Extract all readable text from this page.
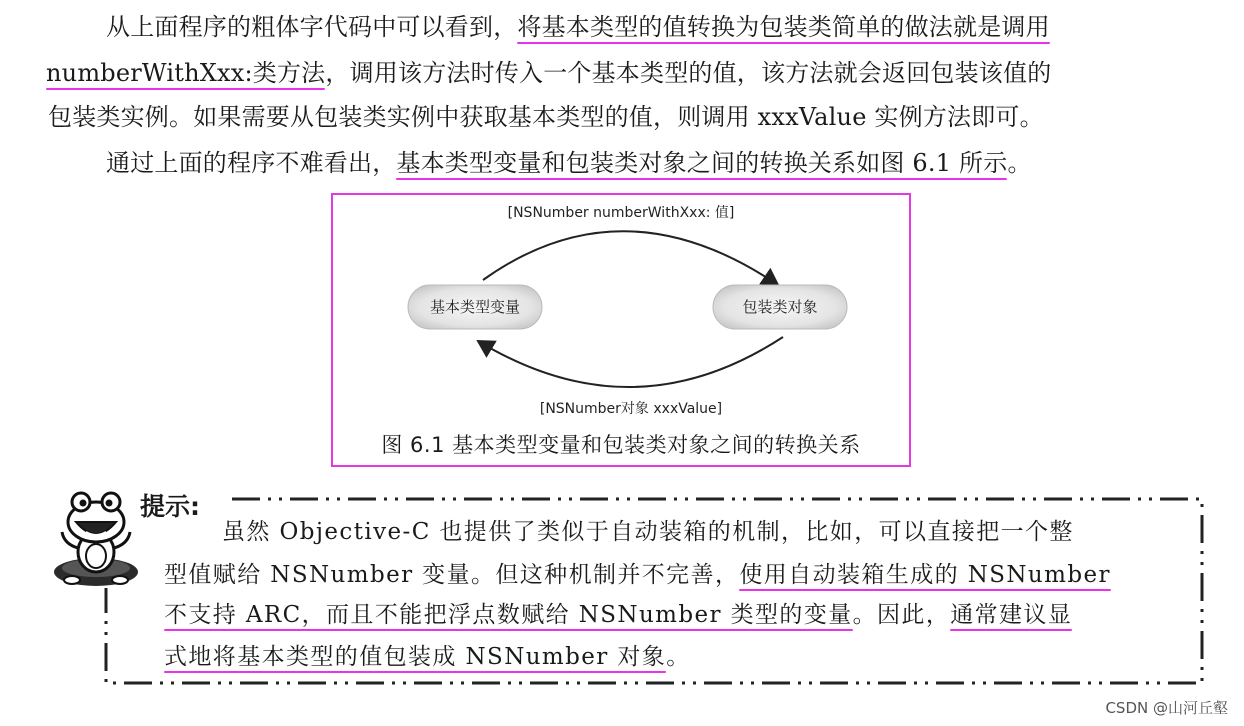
从上面程序的粗体字代码中可以看到，将基本类型的值转换为包装类简单的做法就是调用
numberWithXxx:类方法，调用该方法时传入一个基本类型的值，该方法就会返回包装该值的
包装类实例。如果需要从包装类实例中获取基本类型的值，则调用 xxxValue 实例方法即可。
通过上面的程序不难看出，基本类型变量和包装类对象之间的转换关系如图 6.1 所示。
[NSNumber numberWithXxx: 值]
基本类型变量	包装类对象
[NSNumber对象 xxxValue]
图 6.1 基本类型变量和包装类对象之间的转换关系
提示:
虽然 Objective-C 也提供了类似于自动装箱的机制，比如，可以直接把一个整
型值赋给 NSNumber 变量。但这种机制并不完善，使用自动装箱生成的 NSNumber
不支持 ARC，而且不能把浮点数赋给 NSNumber 类型的变量。因此，通常建议显
式地将基本类型的值包装成 NSNumber 对象。
CSDN @山河丘壑
